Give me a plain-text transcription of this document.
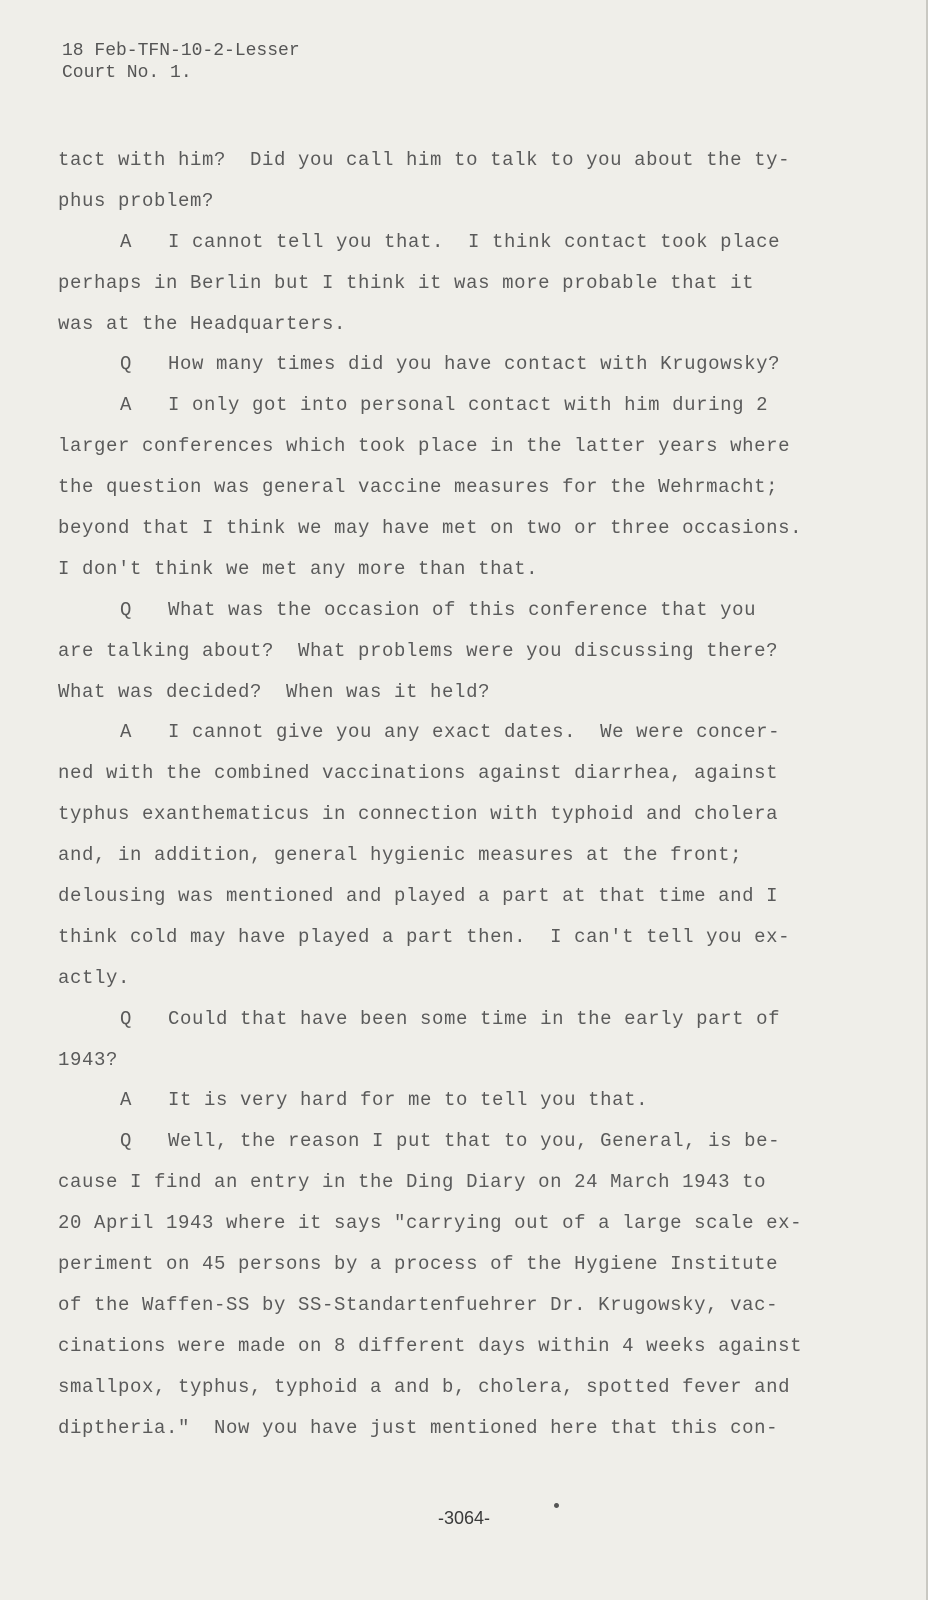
18 Feb-TFN-10-2-Lesser
Court No. 1.
tact with him?  Did you call him to talk to you about the ty-
phus problem?
A   I cannot tell you that.  I think contact took place
perhaps in Berlin but I think it was more probable that it
was at the Headquarters.
Q   How many times did you have contact with Krugowsky?
A   I only got into personal contact with him during 2
larger conferences which took place in the latter years where
the question was general vaccine measures for the Wehrmacht;
beyond that I think we may have met on two or three occasions.
I don't think we met any more than that.
Q   What was the occasion of this conference that you
are talking about?  What problems were you discussing there?
What was decided?  When was it held?
A   I cannot give you any exact dates.  We were concer-
ned with the combined vaccinations against diarrhea, against
typhus exanthematicus in connection with typhoid and cholera
and, in addition, general hygienic measures at the front;
delousing was mentioned and played a part at that time and I
think cold may have played a part then.  I can't tell you ex-
actly.
Q   Could that have been some time in the early part of
1943?
A   It is very hard for me to tell you that.
Q   Well, the reason I put that to you, General, is be-
cause I find an entry in the Ding Diary on 24 March 1943 to
20 April 1943 where it says "carrying out of a large scale ex-
periment on 45 persons by a process of the Hygiene Institute
of the Waffen-SS by SS-Standartenfuehrer Dr. Krugowsky, vac-
cinations were made on 8 different days within 4 weeks against
smallpox, typhus, typhoid a and b, cholera, spotted fever and
diptheria."  Now you have just mentioned here that this con-
-3064-
